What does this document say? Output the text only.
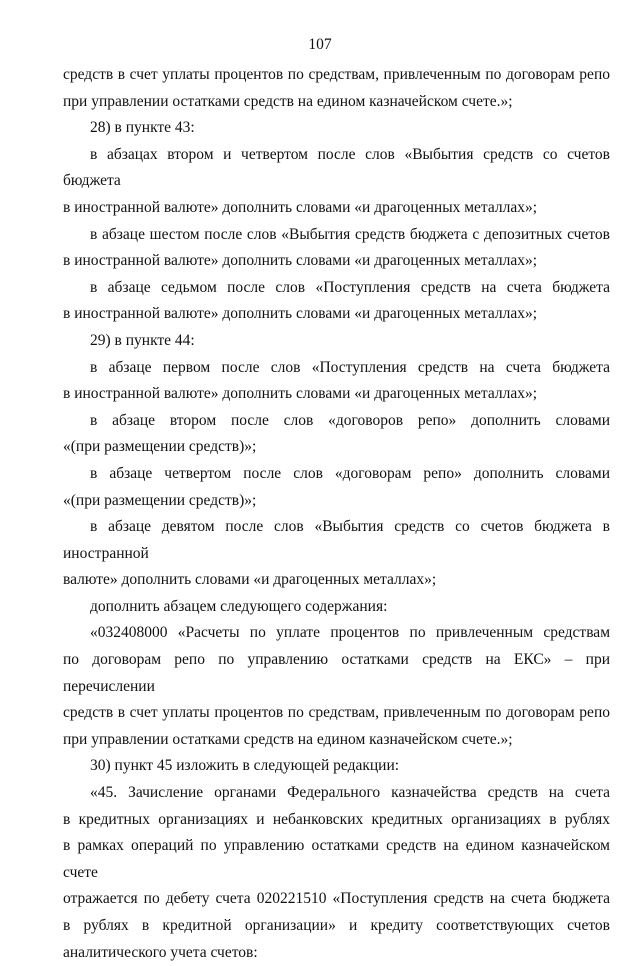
107

средств в счет уплаты процентов по средствам, привлеченным по договорам репо

при управлении остатками средств на едином казначейском счете.»;

28) в пункте 43:

в абзацах втором и четвертом после слов «Выбытия средств со счетов бюджета

в иностранной валюте» дополнить словами «и драгоценных металлах»;

в абзаце шестом после слов «Выбытия средств бюджета с депозитных счетов

в иностранной валюте» дополнить словами «и драгоценных металлах»;

в абзаце седьмом после слов «Поступления средств на счета бюджета

в иностранной валюте» дополнить словами «и драгоценных металлах»;

29) в пункте 44:

в абзаце первом после слов «Поступления средств на счета бюджета

в иностранной валюте» дополнить словами «и драгоценных металлах»;

в абзаце втором после слов «договоров репо» дополнить словами

«(при размещении средств)»;

в абзаце четвертом после слов «договорам репо» дополнить словами

«(при размещении средств)»;

в абзаце девятом после слов «Выбытия средств со счетов бюджета в иностранной

валюте» дополнить словами «и драгоценных металлах»;

дополнить абзацем следующего содержания:

«032408000 «Расчеты по уплате процентов по привлеченным средствам

по договорам репо по управлению остатками средств на ЕКС» – при перечислении

средств в счет уплаты процентов по средствам, привлеченным по договорам репо

при управлении остатками средств на едином казначейском счете.»;

30) пункт 45 изложить в следующей редакции:

«45. Зачисление органами Федерального казначейства средств на счета

в кредитных организациях и небанковских кредитных организациях в рублях

в рамках операций по управлению остатками средств на едином казначейском счете

отражается по дебету счета 020221510 «Поступления средств на счета бюджета

в рублях в кредитной организации» и кредиту соответствующих счетов

аналитического учета счетов:
